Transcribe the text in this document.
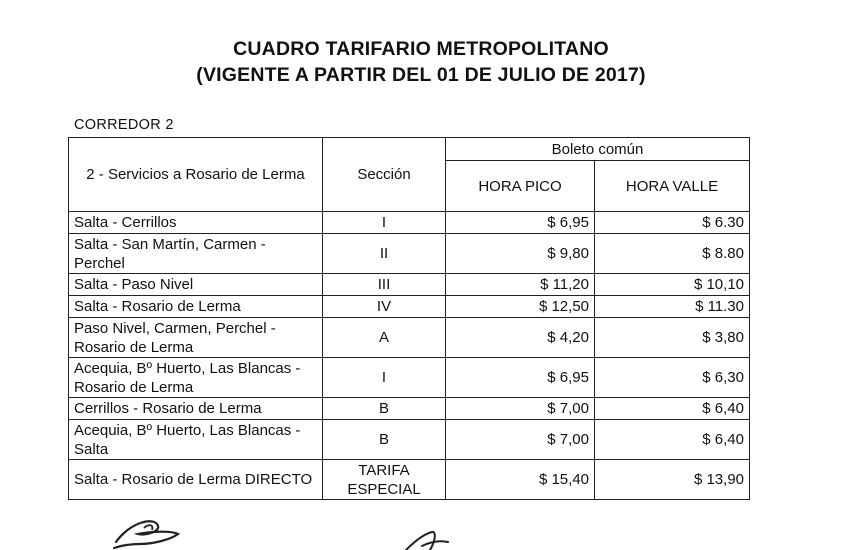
CUADRO TARIFARIO METROPOLITANO
(VIGENTE A PARTIR DEL 01 DE JULIO DE 2017)
CORREDOR 2
2 - Servicios a Rosario de Lerma	Sección	Boleto común	
		HORA PICO	HORA VALLE
Salta - Cerrillos	I	$ 6,95	$ 6.30
Salta - San Martín, Carmen - Perchel	II	$ 9,80	$ 8.80
Salta - Paso Nivel	III	$ 11,20	$ 10,10
Salta - Rosario de Lerma	IV	$ 12,50	$ 11.30
Paso Nivel, Carmen, Perchel - Rosario de Lerma	A	$ 4,20	$ 3,80
Acequia, Bº Huerto, Las Blancas - Rosario de Lerma	I	$ 6,95	$ 6,30
Cerrillos - Rosario de Lerma	B	$ 7,00	$ 6,40
Acequia, Bº Huerto, Las Blancas - Salta	B	$ 7,00	$ 6,40
Salta - Rosario de Lerma DIRECTO	TARIFA ESPECIAL	$ 15,40	$ 13,90
